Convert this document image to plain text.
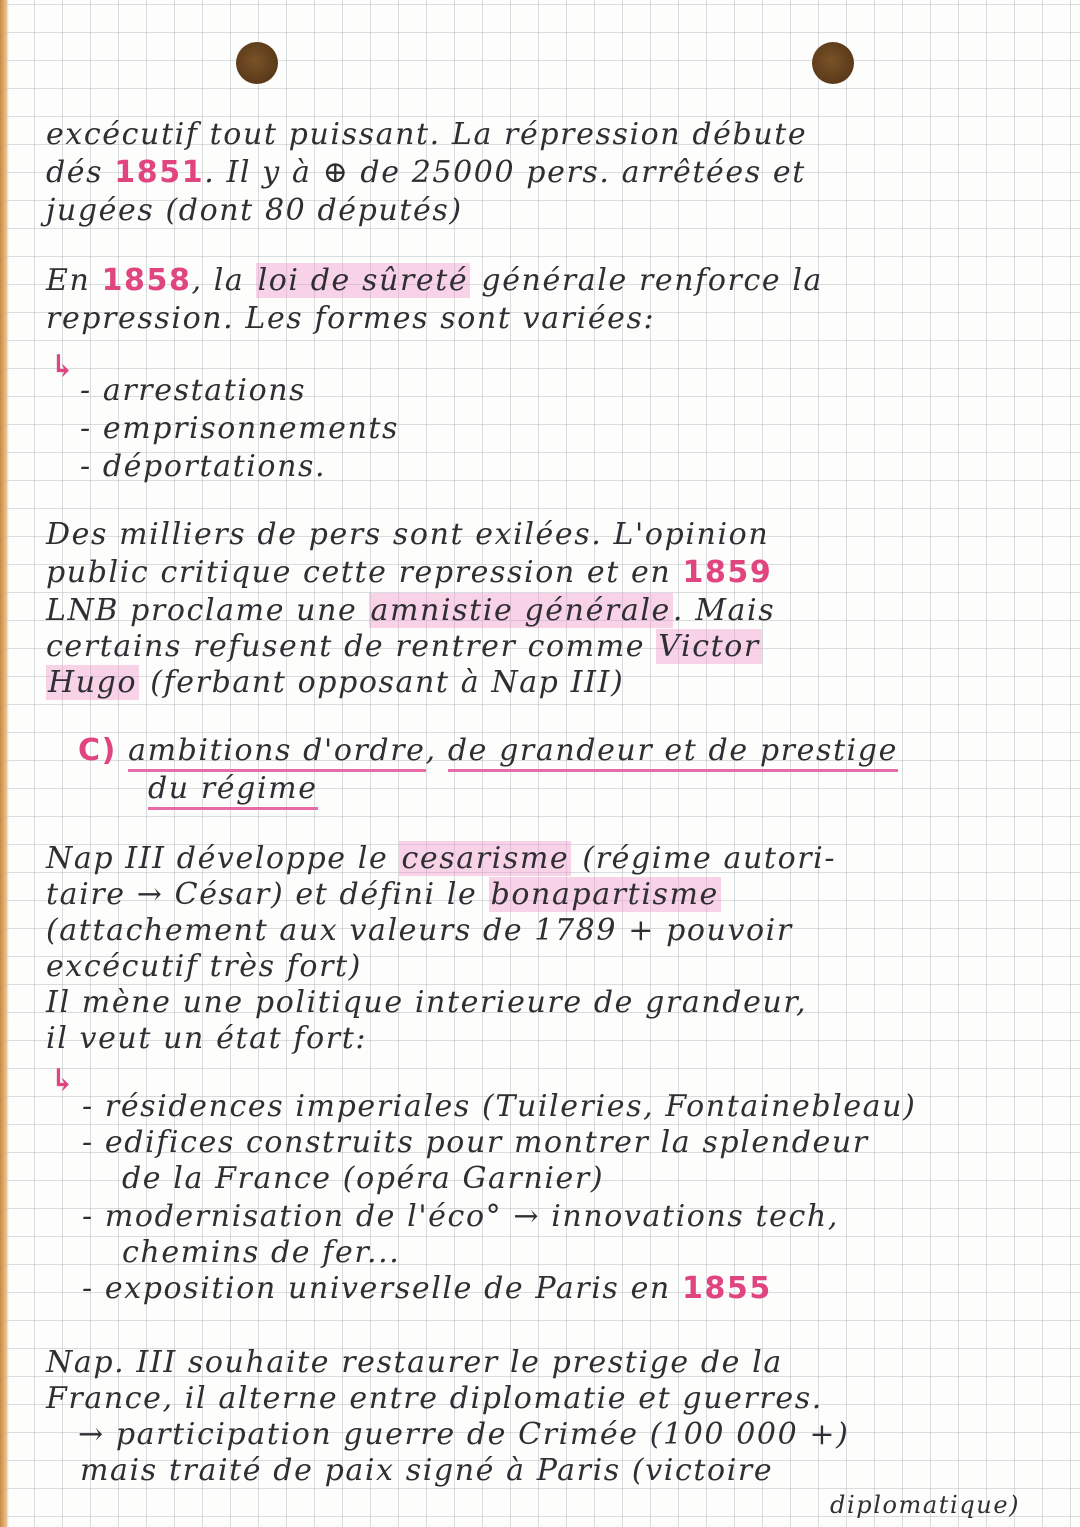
excécutif tout puissant. La répression débute
dés 1851. Il y à ⊕ de 25000 pers. arrêtées et
jugées (dont 80 députés)
En 1858, la loi de sûreté générale renforce la
repression. Les formes sont variées:
↳
- arrestations
- emprisonnements
- déportations.
Des milliers de pers sont exilées. L'opinion
public critique cette repression et en 1859
LNB proclame une amnistie générale. Mais
certains refusent de rentrer comme Victor
Hugo (ferbant opposant à Nap III)
C) ambitions d'ordre, de grandeur et de prestige
du régime
Nap III développe le cesarisme (régime autori-
taire → César) et défini le bonapartisme
(attachement aux valeurs de 1789 + pouvoir
excécutif très fort)
Il mène une politique interieure de grandeur,
il veut un état fort:
↳
- résidences imperiales (Tuileries, Fontainebleau)
- edifices construits pour montrer la splendeur
de la France (opéra Garnier)
- modernisation de l'éco° → innovations tech,
chemins de fer...
- exposition universelle de Paris en 1855
Nap. III souhaite restaurer le prestige de la
France, il alterne entre diplomatie et guerres.
→ participation guerre de Crimée (100 000 +)
mais traité de paix signé à Paris (victoire
diplomatique)
